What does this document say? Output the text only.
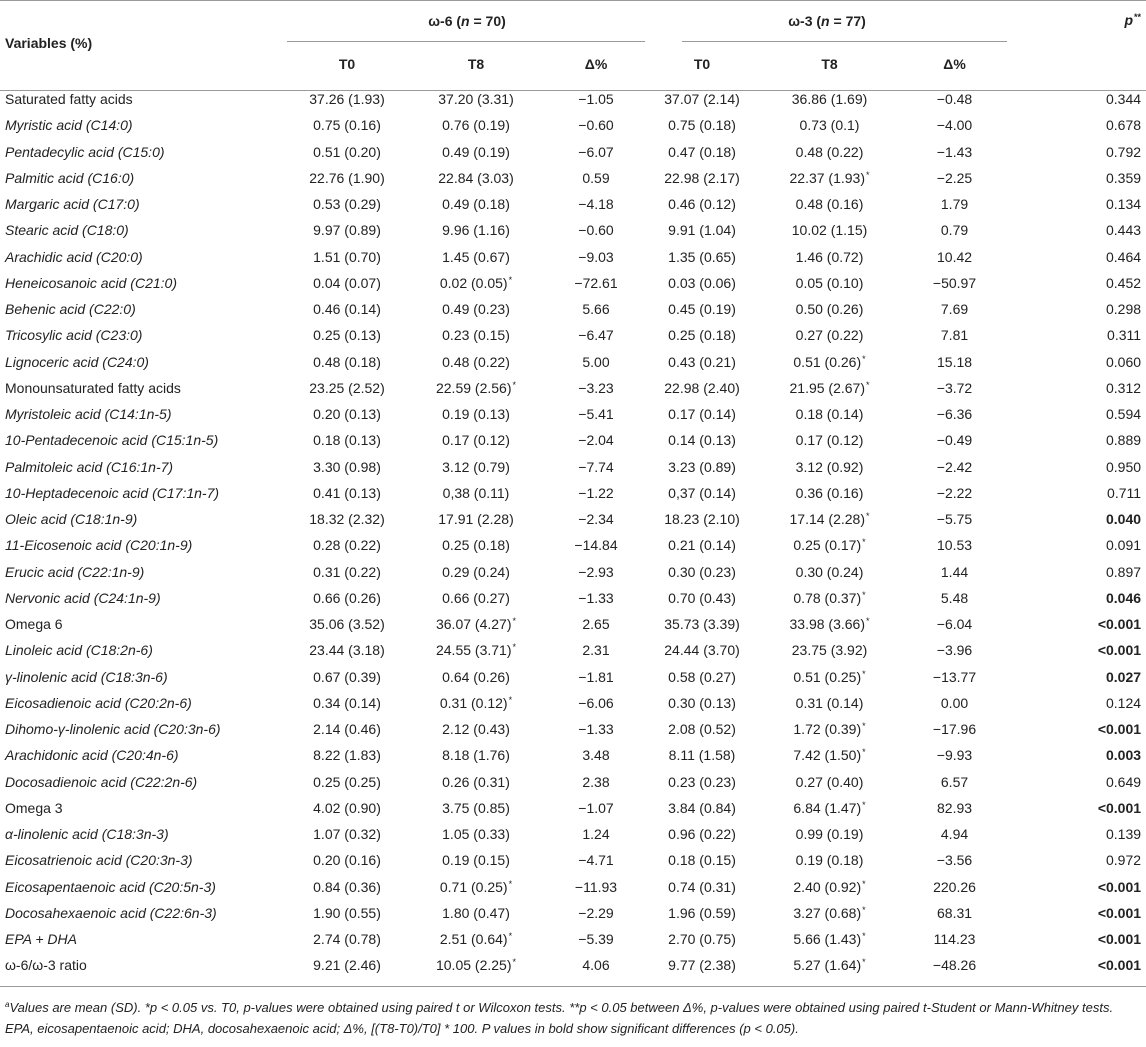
Variables (%)	ω-6 (n = 70)			ω-3 (n = 77)			p**
	T0	T8	Δ%	T0	T8	Δ%	
Saturated fatty acids	37.26 (1.93)	37.20 (3.31)	−1.05	37.07 (2.14)	36.86 (1.69)	−0.48	0.344
Myristic acid (C14:0)	0.75 (0.16)	0.76 (0.19)	−0.60	0.75 (0.18)	0.73 (0.1)	−4.00	0.678
Pentadecylic acid (C15:0)	0.51 (0.20)	0.49 (0.19)	−6.07	0.47 (0.18)	0.48 (0.22)	−1.43	0.792
Palmitic acid (C16:0)	22.76 (1.90)	22.84 (3.03)	0.59	22.98 (2.17)	22.37 (1.93)*	−2.25	0.359
Margaric acid (C17:0)	0.53 (0.29)	0.49 (0.18)	−4.18	0.46 (0.12)	0.48 (0.16)	1.79	0.134
Stearic acid (C18:0)	9.97 (0.89)	9.96 (1.16)	−0.60	9.91 (1.04)	10.02 (1.15)	0.79	0.443
Arachidic acid (C20:0)	1.51 (0.70)	1.45 (0.67)	−9.03	1.35 (0.65)	1.46 (0.72)	10.42	0.464
Heneicosanoic acid (C21:0)	0.04 (0.07)	0.02 (0.05)*	−72.61	0.03 (0.06)	0.05 (0.10)	−50.97	0.452
Behenic acid (C22:0)	0.46 (0.14)	0.49 (0.23)	5.66	0.45 (0.19)	0.50 (0.26)	7.69	0.298
Tricosylic acid (C23:0)	0.25 (0.13)	0.23 (0.15)	−6.47	0.25 (0.18)	0.27 (0.22)	7.81	0.311
Lignoceric acid (C24:0)	0.48 (0.18)	0.48 (0.22)	5.00	0.43 (0.21)	0.51 (0.26)*	15.18	0.060
Monounsaturated fatty acids	23.25 (2.52)	22.59 (2.56)*	−3.23	22.98 (2.40)	21.95 (2.67)*	−3.72	0.312
Myristoleic acid (C14:1n-5)	0.20 (0.13)	0.19 (0.13)	−5.41	0.17 (0.14)	0.18 (0.14)	−6.36	0.594
10-Pentadecenoic acid (C15:1n-5)	0.18 (0.13)	0.17 (0.12)	−2.04	0.14 (0.13)	0.17 (0.12)	−0.49	0.889
Palmitoleic acid (C16:1n-7)	3.30 (0.98)	3.12 (0.79)	−7.74	3.23 (0.89)	3.12 (0.92)	−2.42	0.950
10-Heptadecenoic acid (C17:1n-7)	0.41 (0.13)	0,38 (0.11)	−1.22	0,37 (0.14)	0.36 (0.16)	−2.22	0.711
Oleic acid (C18:1n-9)	18.32 (2.32)	17.91 (2.28)	−2.34	18.23 (2.10)	17.14 (2.28)*	−5.75	0.040
11-Eicosenoic acid (C20:1n-9)	0.28 (0.22)	0.25 (0.18)	−14.84	0.21 (0.14)	0.25 (0.17)*	10.53	0.091
Erucic acid (C22:1n-9)	0.31 (0.22)	0.29 (0.24)	−2.93	0.30 (0.23)	0.30 (0.24)	1.44	0.897
Nervonic acid (C24:1n-9)	0.66 (0.26)	0.66 (0.27)	−1.33	0.70 (0.43)	0.78 (0.37)*	5.48	0.046
Omega 6	35.06 (3.52)	36.07 (4.27)*	2.65	35.73 (3.39)	33.98 (3.66)*	−6.04	<0.001
Linoleic acid (C18:2n-6)	23.44 (3.18)	24.55 (3.71)*	2.31	24.44 (3.70)	23.75 (3.92)	−3.96	<0.001
γ-linolenic acid (C18:3n-6)	0.67 (0.39)	0.64 (0.26)	−1.81	0.58 (0.27)	0.51 (0.25)*	−13.77	0.027
Eicosadienoic acid (C20:2n-6)	0.34 (0.14)	0.31 (0.12)*	−6.06	0.30 (0.13)	0.31 (0.14)	0.00	0.124
Dihomo-γ-linolenic acid (C20:3n-6)	2.14 (0.46)	2.12 (0.43)	−1.33	2.08 (0.52)	1.72 (0.39)*	−17.96	<0.001
Arachidonic acid (C20:4n-6)	8.22 (1.83)	8.18 (1.76)	3.48	8.11 (1.58)	7.42 (1.50)*	−9.93	0.003
Docosadienoic acid (C22:2n-6)	0.25 (0.25)	0.26 (0.31)	2.38	0.23 (0.23)	0.27 (0.40)	6.57	0.649
Omega 3	4.02 (0.90)	3.75 (0.85)	−1.07	3.84 (0.84)	6.84 (1.47)*	82.93	<0.001
α-linolenic acid (C18:3n-3)	1.07 (0.32)	1.05 (0.33)	1.24	0.96 (0.22)	0.99 (0.19)	4.94	0.139
Eicosatrienoic acid (C20:3n-3)	0.20 (0.16)	0.19 (0.15)	−4.71	0.18 (0.15)	0.19 (0.18)	−3.56	0.972
Eicosapentaenoic acid (C20:5n-3)	0.84 (0.36)	0.71 (0.25)*	−11.93	0.74 (0.31)	2.40 (0.92)*	220.26	<0.001
Docosahexaenoic acid (C22:6n-3)	1.90 (0.55)	1.80 (0.47)	−2.29	1.96 (0.59)	3.27 (0.68)*	68.31	<0.001
EPA + DHA	2.74 (0.78)	2.51 (0.64)*	−5.39	2.70 (0.75)	5.66 (1.43)*	114.23	<0.001
ω-6/ω-3 ratio	9.21 (2.46)	10.05 (2.25)*	4.06	9.77 (2.38)	5.27 (1.64)*	−48.26	<0.001
$^a$Values are mean (SD). *p < 0.05 vs. T0, p-values were obtained using paired t or Wilcoxon tests. **p < 0.05 between Δ%, p-values were obtained using paired t-Student or Mann-Whitney tests. EPA, eicosapentaenoic acid; DHA, docosahexaenoic acid; Δ%, [(T8-T0)/T0] * 100. P values in bold show significant differences (p < 0.05).
